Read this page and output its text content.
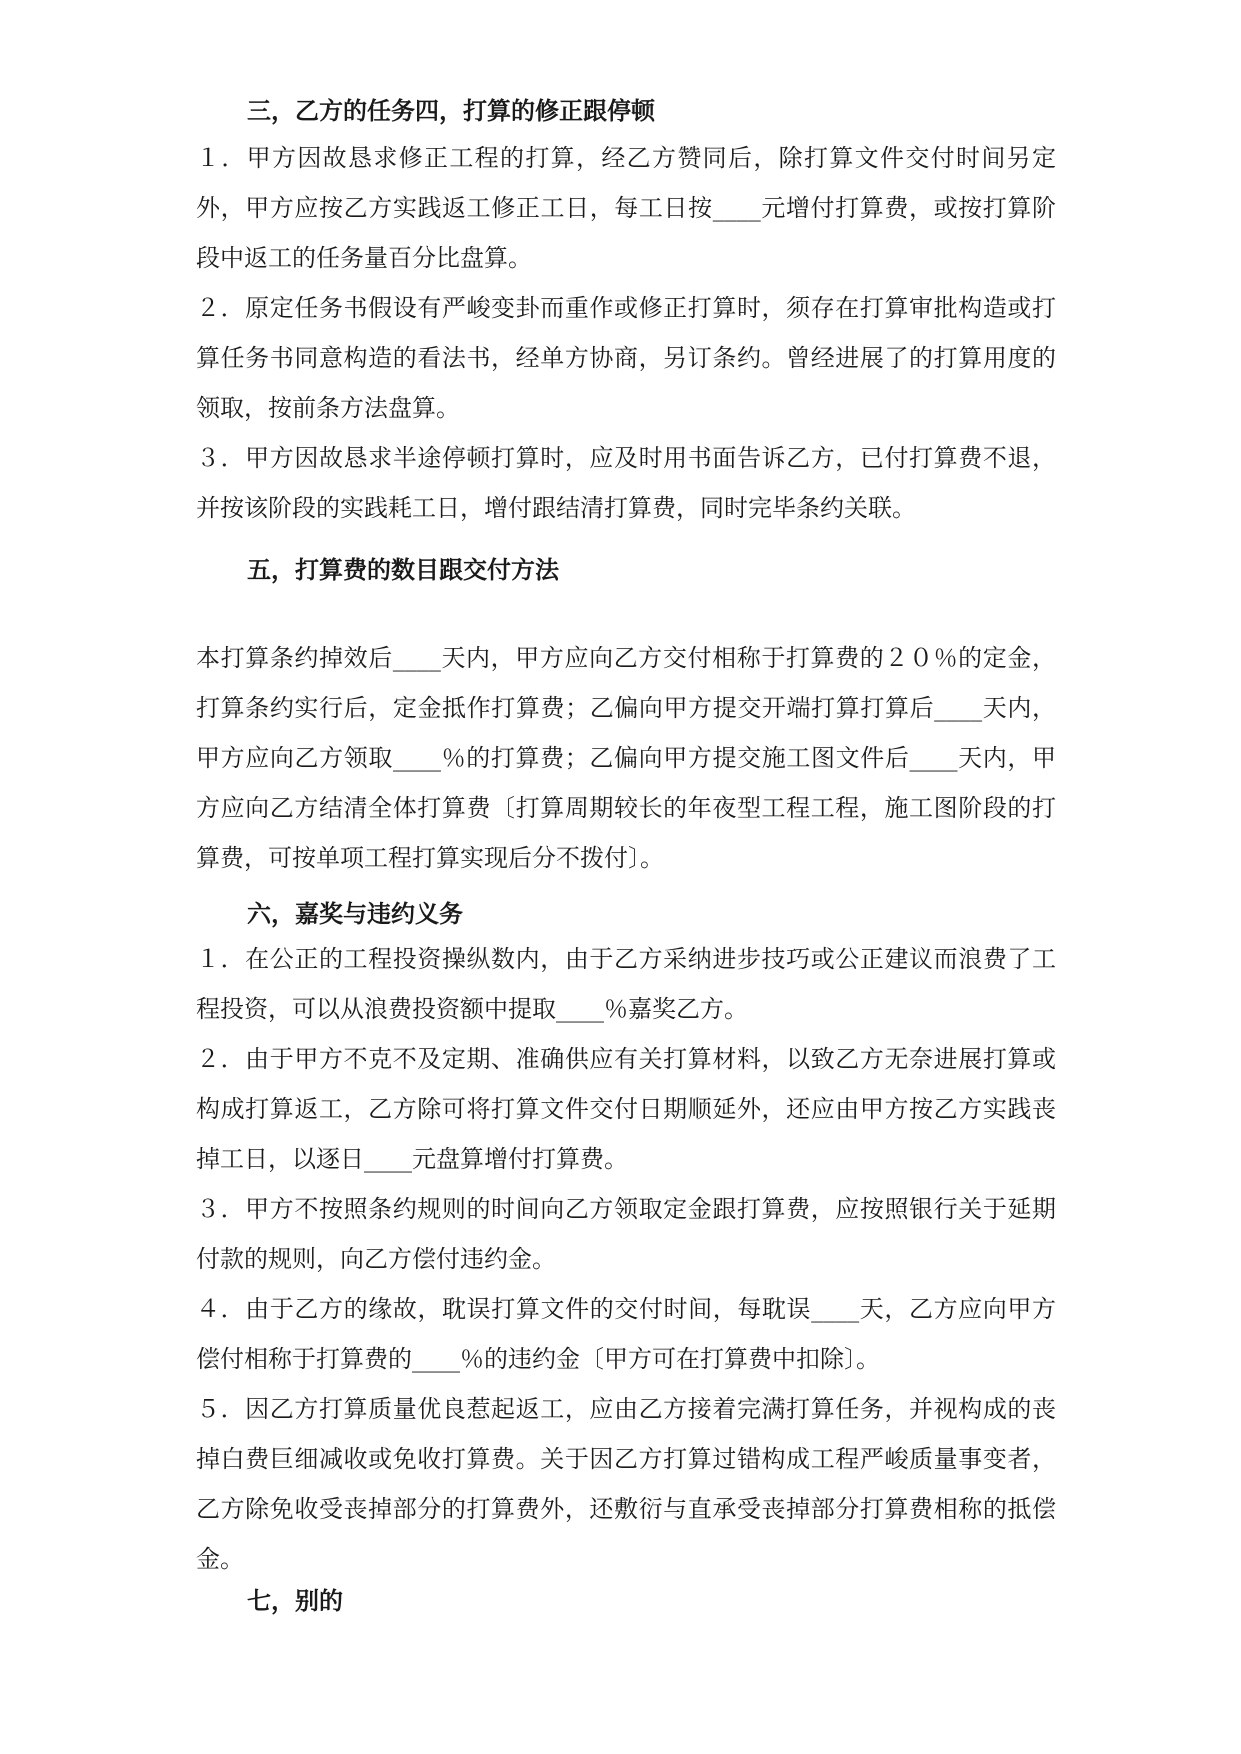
三，乙方的任务四，打算的修正跟停顿
１．甲方因故恳求修正工程的打算，经乙方赞同后，除打算文件交付时间另定外，甲方应按乙方实践返工修正工日，每工日按____元增付打算费，或按打算阶段中返工的任务量百分比盘算。
２．原定任务书假设有严峻变卦而重作或修正打算时，须存在打算审批构造或打算任务书同意构造的看法书，经单方协商，另订条约。曾经进展了的打算用度的领取，按前条方法盘算。
３．甲方因故恳求半途停顿打算时，应及时用书面告诉乙方，已付打算费不退，并按该阶段的实践耗工日，增付跟结清打算费，同时完毕条约关联。
五，打算费的数目跟交付方法
本打算条约掉效后____天内，甲方应向乙方交付相称于打算费的２０％的定金，打算条约实行后，定金抵作打算费；乙偏向甲方提交开端打算打算后____天内，甲方应向乙方领取____％的打算费；乙偏向甲方提交施工图文件后____天内，甲方应向乙方结清全体打算费〔打算周期较长的年夜型工程工程，施工图阶段的打算费，可按单项工程打算实现后分不拨付〕。
六，嘉奖与违约义务
１．在公正的工程投资操纵数内，由于乙方采纳进步技巧或公正建议而浪费了工程投资，可以从浪费投资额中提取____％嘉奖乙方。
２．由于甲方不克不及定期、准确供应有关打算材料，以致乙方无奈进展打算或构成打算返工，乙方除可将打算文件交付日期顺延外，还应由甲方按乙方实践丧掉工日，以逐日____元盘算增付打算费。
３．甲方不按照条约规则的时间向乙方领取定金跟打算费，应按照银行关于延期付款的规则，向乙方偿付违约金。
４．由于乙方的缘故，耽误打算文件的交付时间，每耽误____天，乙方应向甲方偿付相称于打算费的____％的违约金〔甲方可在打算费中扣除〕。
５．因乙方打算质量优良惹起返工，应由乙方接着完满打算任务，并视构成的丧掉白费巨细减收或免收打算费。关于因乙方打算过错构成工程严峻质量事变者，乙方除免收受丧掉部分的打算费外，还敷衍与直承受丧掉部分打算费相称的抵偿金。
七，别的
